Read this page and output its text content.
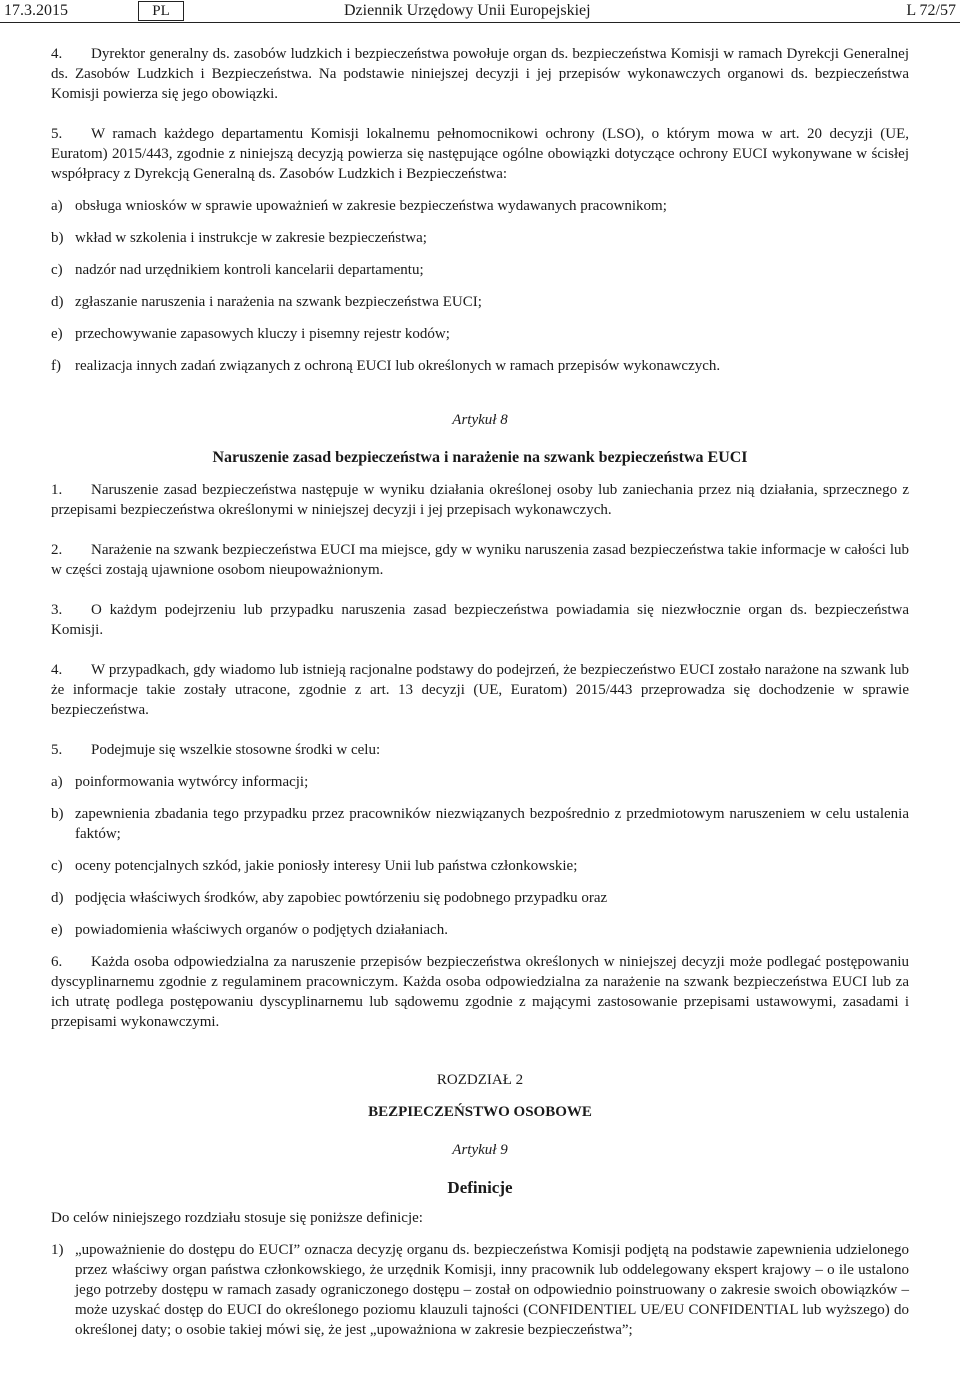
17.3.2015	PL	Dziennik Urzędowy Unii Europejskiej	L 72/57

4. Dyrektor generalny ds. zasobów ludzkich i bezpieczeństwa powołuje organ ds. bezpieczeństwa Komisji w ramach Dyrekcji Generalnej ds. Zasobów Ludzkich i Bezpieczeństwa. Na podstawie niniejszej decyzji i jej przepisów wykonawczych organowi ds. bezpieczeństwa Komisji powierza się jego obowiązki.

5. W ramach każdego departamentu Komisji lokalnemu pełnomocnikowi ochrony (LSO), o którym mowa w art. 20 decyzji (UE, Euratom) 2015/443, zgodnie z niniejszą decyzją powierza się następujące ogólne obowiązki dotyczące ochrony EUCI wykonywane w ścisłej współpracy z Dyrekcją Generalną ds. Zasobów Ludzkich i Bezpieczeństwa:

a) obsługa wniosków w sprawie upoważnień w zakresie bezpieczeństwa wydawanych pracownikom;
b) wkład w szkolenia i instrukcje w zakresie bezpieczeństwa;
c) nadzór nad urzędnikiem kontroli kancelarii departamentu;
d) zgłaszanie naruszenia i narażenia na szwank bezpieczeństwa EUCI;
e) przechowywanie zapasowych kluczy i pisemny rejestr kodów;
f) realizacja innych zadań związanych z ochroną EUCI lub określonych w ramach przepisów wykonawczych.

Artykuł 8

Naruszenie zasad bezpieczeństwa i narażenie na szwank bezpieczeństwa EUCI

1. Naruszenie zasad bezpieczeństwa następuje w wyniku działania określonej osoby lub zaniechania przez nią działania, sprzecznego z przepisami bezpieczeństwa określonymi w niniejszej decyzji i jej przepisach wykonawczych.

2. Narażenie na szwank bezpieczeństwa EUCI ma miejsce, gdy w wyniku naruszenia zasad bezpieczeństwa takie informacje w całości lub w części zostają ujawnione osobom nieupoważnionym.

3. O każdym podejrzeniu lub przypadku naruszenia zasad bezpieczeństwa powiadamia się niezwłocznie organ ds. bezpieczeństwa Komisji.

4. W przypadkach, gdy wiadomo lub istnieją racjonalne podstawy do podejrzeń, że bezpieczeństwo EUCI zostało narażone na szwank lub że informacje takie zostały utracone, zgodnie z art. 13 decyzji (UE, Euratom) 2015/443 przeprowadza się dochodzenie w sprawie bezpieczeństwa.

5. Podejmuje się wszelkie stosowne środki w celu:

a) poinformowania wytwórcy informacji;
b) zapewnienia zbadania tego przypadku przez pracowników niezwiązanych bezpośrednio z przedmiotowym naruszeniem w celu ustalenia faktów;
c) oceny potencjalnych szkód, jakie poniosły interesy Unii lub państwa członkowskie;
d) podjęcia właściwych środków, aby zapobiec powtórzeniu się podobnego przypadku oraz
e) powiadomienia właściwych organów o podjętych działaniach.

6. Każda osoba odpowiedzialna za naruszenie przepisów bezpieczeństwa określonych w niniejszej decyzji może podlegać postępowaniu dyscyplinarnemu zgodnie z regulaminem pracowniczym. Każda osoba odpowiedzialna za narażenie na szwank bezpieczeństwa EUCI lub za ich utratę podlega postępowaniu dyscyplinarnemu lub sądowemu zgodnie z mającymi zastosowanie przepisami ustawowymi, zasadami i przepisami wykonawczymi.

ROZDZIAŁ 2

BEZPIECZEŃSTWO OSOBOWE

Artykuł 9

Definicje

Do celów niniejszego rozdziału stosuje się poniższe definicje:

1) „upoważnienie do dostępu do EUCI” oznacza decyzję organu ds. bezpieczeństwa Komisji podjętą na podstawie zapewnienia udzielonego przez właściwy organ państwa członkowskiego, że urzędnik Komisji, inny pracownik lub oddelegowany ekspert krajowy – o ile ustalono jego potrzeby dostępu w ramach zasady ograniczonego dostępu – został on odpowiednio poinstruowany o zakresie swoich obowiązków – może uzyskać dostęp do EUCI do określonego poziomu klauzuli tajności (CONFIDENTIEL UE/EU CONFIDENTIAL lub wyższego) do określonej daty; o osobie takiej mówi się, że jest „upoważniona w zakresie bezpieczeństwa”;
